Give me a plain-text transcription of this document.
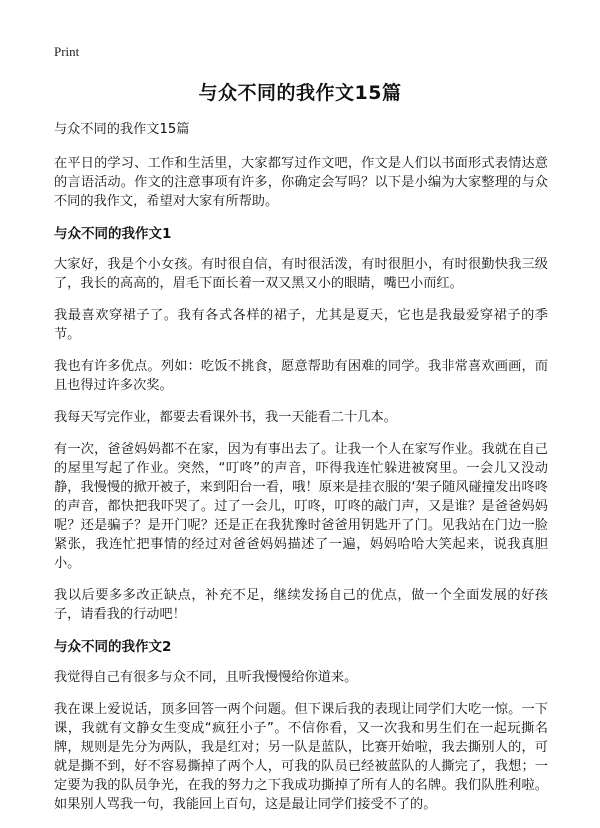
Print
与众不同的我作文15篇
与众不同的我作文15篇

在平日的学习、工作和生活里，大家都写过作文吧，作文是人们以书面形式表情达意的言语活动。作文的注意事项有许多，你确定会写吗？以下是小编为大家整理的与众不同的我作文，希望对大家有所帮助。

与众不同的我作文1

大家好，我是个小女孩。有时很自信，有时很活泼，有时很胆小，有时很勤快我三级了，我长的高高的，眉毛下面长着一双又黑又小的眼睛，嘴巴小而红。

我最喜欢穿裙子了。我有各式各样的裙子，尤其是夏天，它也是我最爱穿裙子的季节。

我也有许多优点。列如：吃饭不挑食，愿意帮助有困难的同学。我非常喜欢画画，而且也得过许多次奖。

我每天写完作业，都要去看课外书，我一天能看二十几本。

有一次，爸爸妈妈都不在家，因为有事出去了。让我一个人在家写作业。我就在自己的屋里写起了作业。突然，“叮咚”的声音，吓得我连忙躲进被窝里。一会儿又没动静，我慢慢的掀开被子，来到阳台一看，哦！原来是挂衣服的‘架子随风碰撞发出咚咚的声音，都快把我吓哭了。过了一会儿，叮咚，叮咚的敲门声，又是谁？是爸爸妈妈呢？还是骗子？是开门呢？还是正在我犹豫时爸爸用钥匙开了门。见我站在门边一脸紧张，我连忙把事情的经过对爸爸妈妈描述了一遍，妈妈哈哈大笑起来，说我真胆小。

我以后要多多改正缺点，补充不足，继续发扬自己的优点，做一个全面发展的好孩子，请看我的行动吧！

与众不同的我作文2

我觉得自己有很多与众不同，且听我慢慢给你道来。

我在课上爱说话，顶多回答一两个问题。但下课后我的表现让同学们大吃一惊。一下课，我就有文静女生变成“疯狂小子”。不信你看，又一次我和男生们在一起玩撕名牌，规则是先分为两队，我是红对；另一队是蓝队，比赛开始啦，我去撕别人的，可就是撕不到，好不容易撕掉了两个人，可我的队员已经被蓝队的人撕完了，我想；一定要为我的队员争光，在我的努力之下我成功撕掉了所有人的名牌。我们队胜利啦。如果别人骂我一句，我能回上百句，这是最让同学们接受不了的。
